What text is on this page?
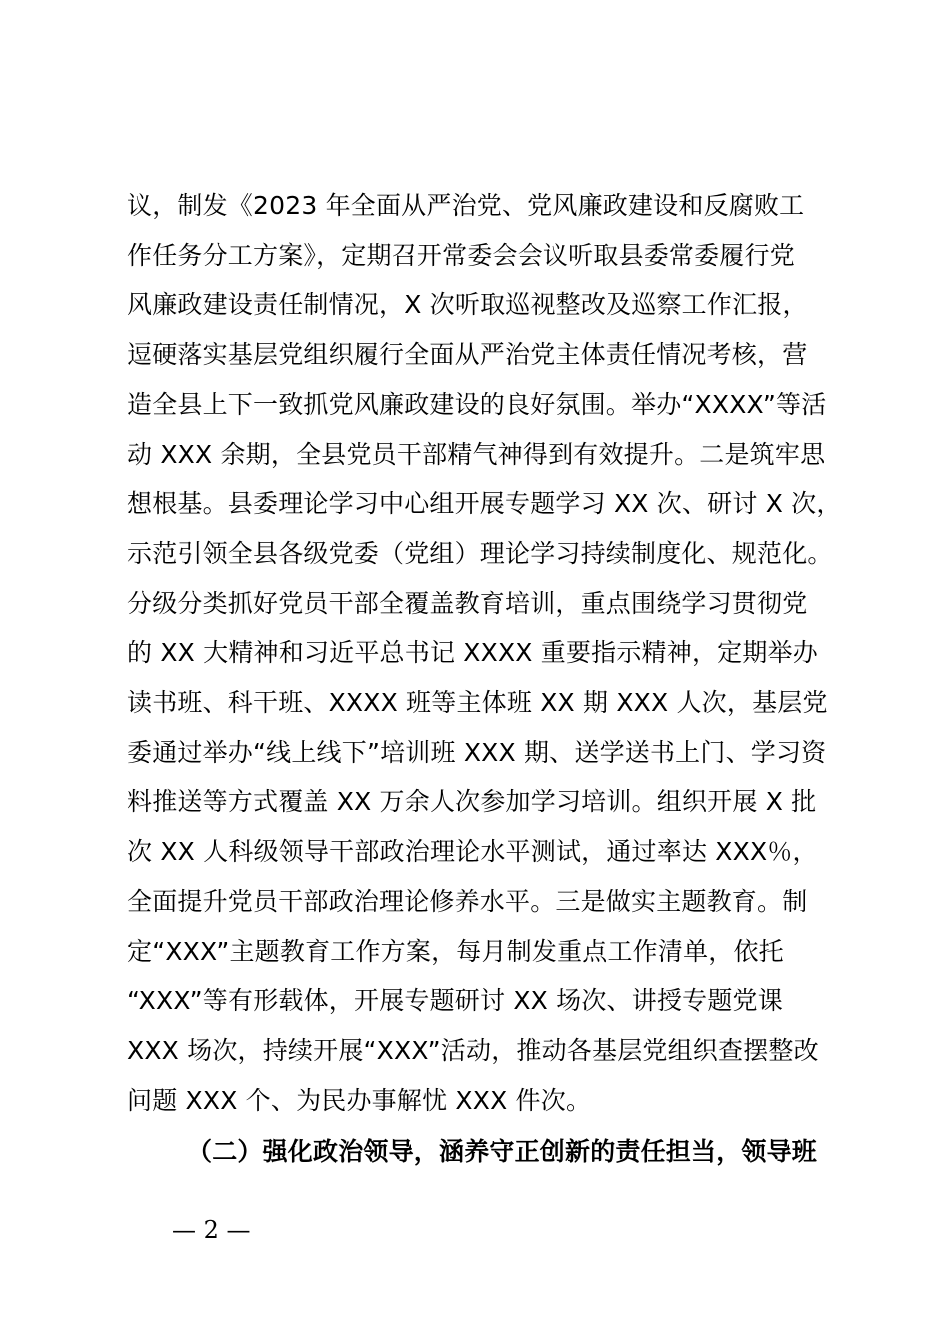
议，制发《2023 年全面从严治党、党风廉政建设和反腐败工
作任务分工方案》，定期召开常委会会议听取县委常委履行党
风廉政建设责任制情况，X 次听取巡视整改及巡察工作汇报，
逗硬落实基层党组织履行全面从严治党主体责任情况考核，营
造全县上下一致抓党风廉政建设的良好氛围。举办“XXXX”等活
动 XXX 余期，全县党员干部精气神得到有效提升。二是筑牢思
想根基。县委理论学习中心组开展专题学习 XX 次、研讨 X 次，
示范引领全县各级党委（党组）理论学习持续制度化、规范化。
分级分类抓好党员干部全覆盖教育培训，重点围绕学习贯彻党
的 XX 大精神和习近平总书记 XXXX 重要指示精神，定期举办
读书班、科干班、XXXX 班等主体班 XX 期 XXX 人次，基层党
委通过举办“线上线下”培训班 XXX 期、送学送书上门、学习资
料推送等方式覆盖 XX 万余人次参加学习培训。组织开展 X 批
次 XX 人科级领导干部政治理论水平测试，通过率达 XXX％，
全面提升党员干部政治理论修养水平。三是做实主题教育。制
定“XXX”主题教育工作方案，每月制发重点工作清单，依托
“XXX”等有形载体，开展专题研讨 XX 场次、讲授专题党课
XXX 场次，持续开展“XXX”活动，推动各基层党组织查摆整改
问题 XXX 个、为民办事解忧 XXX 件次。
（二）强化政治领导，涵养守正创新的责任担当，领导班
— 2 —
